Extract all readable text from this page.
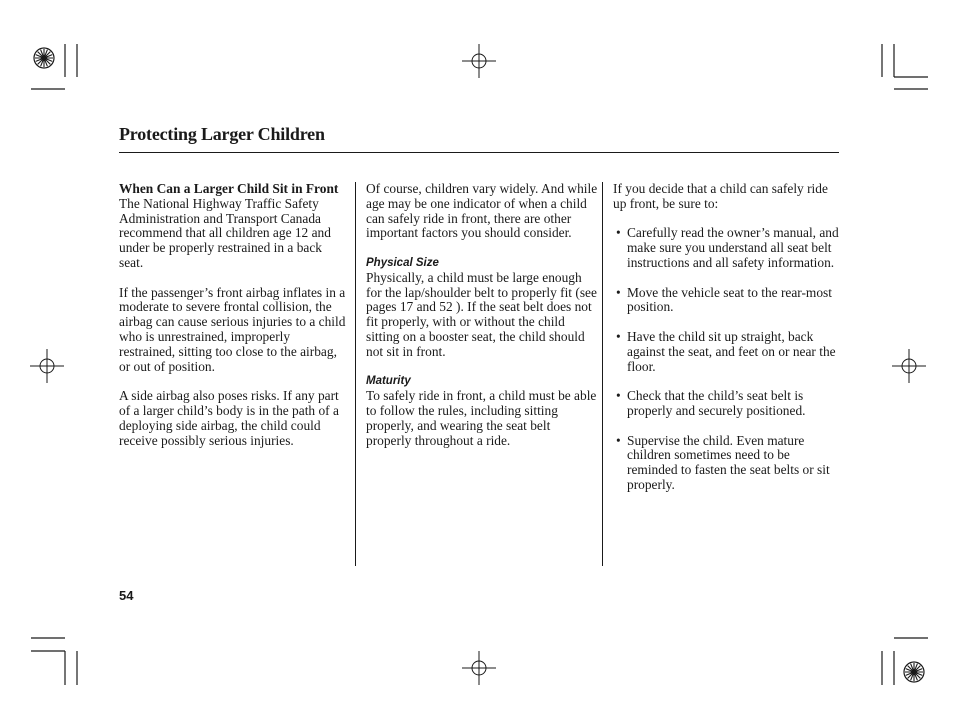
Protecting Larger Children

When Can a Larger Child Sit in Front
The National Highway Traffic Safety Administration and Transport Canada recommend that all children age 12 and under be properly restrained in a back seat.

If the passenger’s front airbag inflates in a moderate to severe frontal collision, the airbag can cause serious injuries to a child who is unrestrained, improperly restrained, sitting too close to the airbag, or out of position.

A side airbag also poses risks. If any part of a larger child’s body is in the path of a deploying side airbag, the child could receive possibly serious injuries.

Of course, children vary widely. And while age may be one indicator of when a child can safely ride in front, there are other important factors you should consider.

Physical Size
Physically, a child must be large enough for the lap/shoulder belt to properly fit (see pages 17 and 52 ). If the seat belt does not fit properly, with or without the child sitting on a booster seat, the child should not sit in front.

Maturity
To safely ride in front, a child must be able to follow the rules, including sitting properly, and wearing the seat belt properly throughout a ride.

If you decide that a child can safely ride up front, be sure to:

• Carefully read the owner’s manual, and make sure you understand all seat belt instructions and all safety information.
• Move the vehicle seat to the rear-most position.
• Have the child sit up straight, back against the seat, and feet on or near the floor.
• Check that the child’s seat belt is properly and securely positioned.
• Supervise the child. Even mature children sometimes need to be reminded to fasten the seat belts or sit properly.
54
